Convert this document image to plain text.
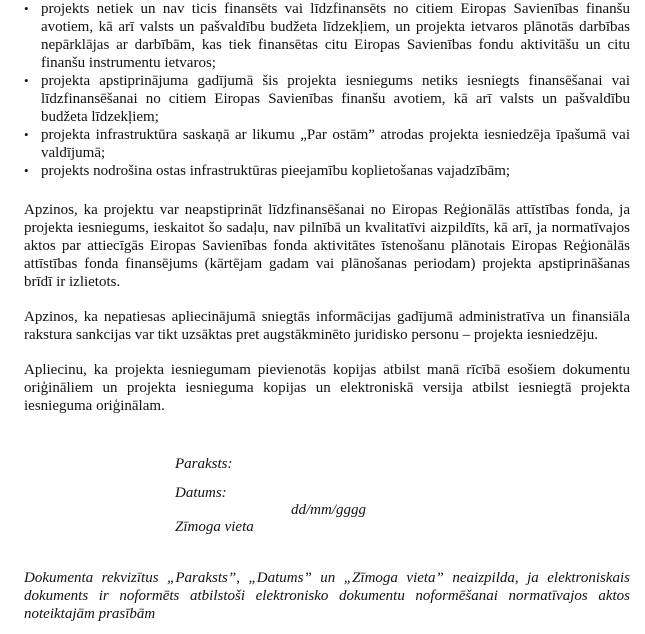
• projekts netiek un nav ticis finansēts vai līdzfinansēts no citiem Eiropas Savienības finanšu avotiem, kā arī valsts un pašvaldību budžeta līdzekļiem, un projekta ietvaros plānotās darbības nepārklājas ar darbībām, kas tiek finansētas citu Eiropas Savienības fondu aktivitāšu un citu finanšu instrumentu ietvaros;
• projekta apstiprinājuma gadījumā šis projekta iesniegums netiks iesniegts finansēšanai vai līdzfinansēšanai no citiem Eiropas Savienības finanšu avotiem, kā arī valsts un pašvaldību budžeta līdzekļiem;
• projekta infrastruktūra saskaņā ar likumu „Par ostām” atrodas projekta iesniedzēja īpašumā vai valdījumā;
• projekts nodrošina ostas infrastruktūras pieejamību koplietošanas vajadzībām;

Apzinos, ka projektu var neapstiprināt līdzfinansēšanai no Eiropas Reģionālās attīstības fonda, ja projekta iesniegums, ieskaitot šo sadaļu, nav pilnībā un kvalitatīvi aizpildīts, kā arī, ja normatīvajos aktos par attiecīgās Eiropas Savienības fonda aktivitātes īstenošanu plānotais Eiropas Reģionālās attīstības fonda finansējums (kārtējam gadam vai plānošanas periodam) projekta apstiprināšanas brīdī ir izlietots.

Apzinos, ka nepatiesas apliecinājumā sniegtās informācijas gadījumā administratīva un finansiāla rakstura sankcijas var tikt uzsāktas pret augstākminēto juridisko personu – projekta iesniedzēju.

Apliecinu, ka projekta iesniegumam pievienotās kopijas atbilst manā rīcībā esošiem dokumentu oriģināliem un projekta iesnieguma kopijas un elektroniskā versija atbilst iesniegtā projekta iesnieguma oriģinālam.

Paraksts:
Datums:
dd/mm/gggg
Zīmoga vieta

Dokumenta rekvizītus „Paraksts”, „Datums” un „Zīmoga vieta” neaizpilda, ja elektroniskais dokuments ir noformēts atbilstoši elektronisko dokumentu noformēšanai normatīvajos aktos noteiktajām prasībām
